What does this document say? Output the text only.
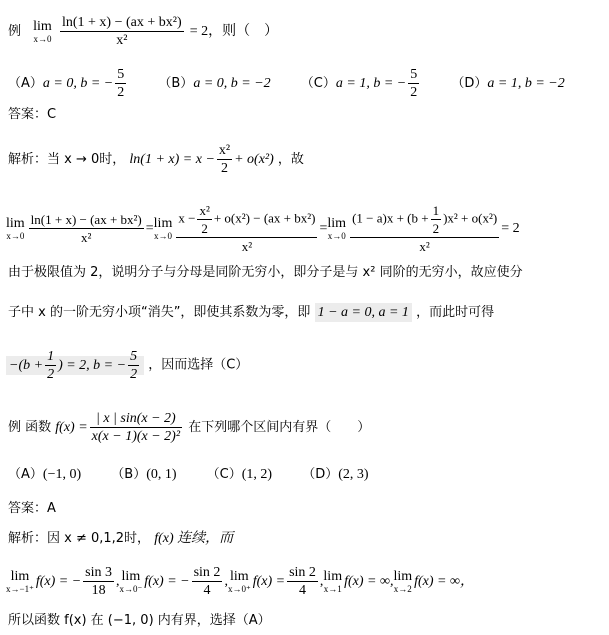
例 lim
x→0
$\frac{\text{ln(1 + x) − (ax + bx²)}}{\text{x²}} = 2$，则（　）
（A）a = 0, b = − $\frac{5}{2} (B)a = 0$, b = −2 （C）a = 1, b = − $\frac{5}{2} (D)a = 1$, b = −2
答案：C
解析：当 x → 0时， $\ln(1 + x) = x - \frac{\text{x²}}{2} + o(x^2)$ ，故
lim
$x\to 0 \frac{\text{ln(1 + x) − (ax + bx²)}}{\text{x²}} = \lim$
$x\to 0 \frac{x - \frac{\text{x²}}{2} + o(x^2) - (ax + bx^2)}{\text{x²}} = \lim$
$x\to 0 \frac{(1 - a)x + (b + \frac{1}{2} )x^2 + o(x^2)}{\text{x²}} = 2$
由于极限值为 2，说明分子与分母是同阶无穷小，即分子是与 x² 同阶的无穷小，故应使分
子中 x 的一阶无穷小项“消失”，即使其系数为零，即 1 − a = 0, a = 1 ，而此时可得
$-(b + \frac{1}{2}$ ) = 2, b = − $\frac{5}{2}$ ，因而选择（C）
例 函数 $f(x) = \frac{| x | \sin(x - 2)}{\text{x(x − 1)(x − 2)²}}$ 在下列哪个区间内有界（　　）
（A）(−1, 0) （B）(0, 1) （C）(1, 2) （D）(2, 3)
答案：A
解析：因 x ≠ 0,1,2时， f(x) 连续，而
lim
x→−1⁺ f(x) = − $\frac{\sin 3}{18}$ , lim
x→0⁻ f(x) = − $\frac{\sin 2}{4}$ , lim
x→0⁺ $f(x) = \frac{\sin 2}{4}$ , lim
x→1 f(x) = ∞, lim
x→2 f(x) = ∞，
所以函数 f(x) 在 (−1, 0) 内有界，选择（A）
